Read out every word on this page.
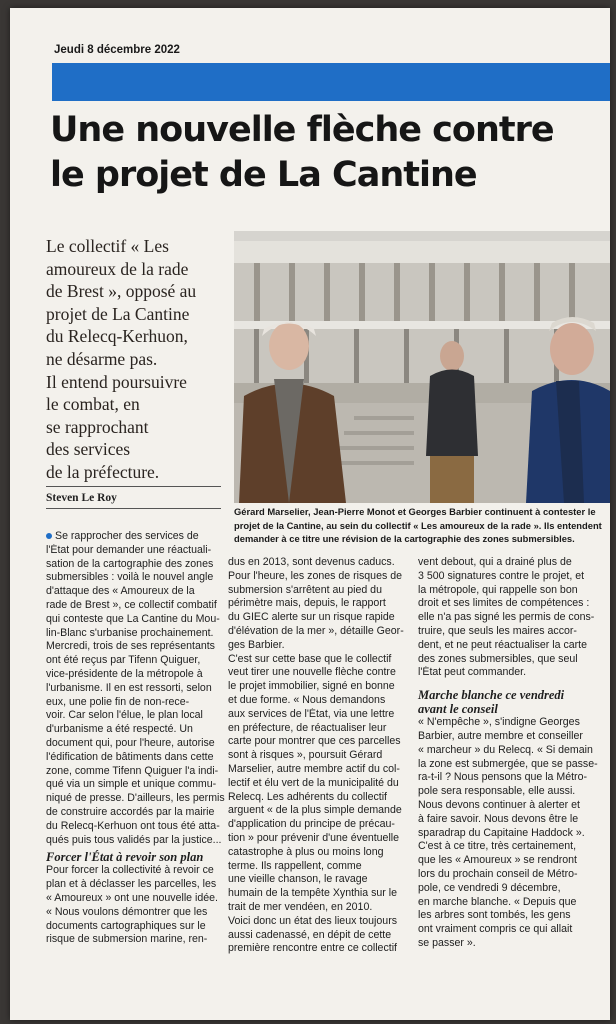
Jeudi 8 décembre 2022
Une nouvelle flèche contre
le projet de La Cantine
Le collectif « Les
amoureux de la rade
de Brest », opposé au
projet de La Cantine
du Relecq-Kerhuon,
ne désarme pas.
Il entend poursuivre
le combat, en
se rapprochant
des services
de la préfecture.
Steven Le Roy
Gérard Marselier, Jean-Pierre Monot et Georges Barbier continuent à contester le
projet de la Cantine, au sein du collectif « Les amoureux de la rade ». Ils entendent
demander à ce titre une révision de la cartographie des zones submersibles.
Se rapprocher des services de
l'État pour demander une réactuali-
sation de la cartographie des zones
submersibles : voilà le nouvel angle
d'attaque des « Amoureux de la
rade de Brest », ce collectif combatif
qui conteste que La Cantine du Mou-
lin-Blanc s'urbanise prochainement.
Mercredi, trois de ses représentants
ont été reçus par Tifenn Quiguer,
vice-présidente de la métropole à
l'urbanisme. Il en est ressorti, selon
eux, une polie fin de non-rece-
voir. Car selon l'élue, le plan local
d'urbanisme a été respecté. Un
document qui, pour l'heure, autorise
l'édification de bâtiments dans cette
zone, comme Tifenn Quiguer l'a indi-
qué via un simple et unique commu-
niqué de presse. D'ailleurs, les permis
de construire accordés par la mairie
du Relecq-Kerhuon ont tous été atta-
qués puis tous validés par la justice...
Forcer l'État à revoir son plan
Pour forcer la collectivité à revoir ce
plan et à déclasser les parcelles, les
« Amoureux » ont une nouvelle idée.
« Nous voulons démontrer que les
documents cartographiques sur le
risque de submersion marine, ren-
dus en 2013, sont devenus caducs.
Pour l'heure, les zones de risques de
submersion s'arrêtent au pied du
périmètre mais, depuis, le rapport
du GIEC alerte sur un risque rapide
d'élévation de la mer », détaille Geor-
ges Barbier.
C'est sur cette base que le collectif
veut tirer une nouvelle flèche contre
le projet immobilier, signé en bonne
et due forme. « Nous demandons
aux services de l'État, via une lettre
en préfecture, de réactualiser leur
carte pour montrer que ces parcelles
sont à risques », poursuit Gérard
Marselier, autre membre actif du col-
lectif et élu vert de la municipalité du
Relecq. Les adhérents du collectif
arguent « de la plus simple demande
d'application du principe de précau-
tion » pour prévenir d'une éventuelle
catastrophe à plus ou moins long
terme. Ils rappellent, comme
une vieille chanson, le ravage
humain de la tempête Xynthia sur le
trait de mer vendéen, en 2010.
Voici donc un état des lieux toujours
aussi cadenassé, en dépit de cette
première rencontre entre ce collectif
vent debout, qui a drainé plus de
3 500 signatures contre le projet, et
la métropole, qui rappelle son bon
droit et ses limites de compétences :
elle n'a pas signé les permis de cons-
truire, que seuls les maires accor-
dent, et ne peut réactualiser la carte
des zones submersibles, que seul
l'État peut commander.
Marche blanche ce vendredi
avant le conseil
« N'empêche », s'indigne Georges
Barbier, autre membre et conseiller
« marcheur » du Relecq. « Si demain
la zone est submergée, que se passe-
ra-t-il ? Nous pensons que la Métro-
pole sera responsable, elle aussi.
Nous devons continuer à alerter et
à faire savoir. Nous devons être le
sparadrap du Capitaine Haddock ».
C'est à ce titre, très certainement,
que les « Amoureux » se rendront
lors du prochain conseil de Métro-
pole, ce vendredi 9 décembre,
en marche blanche. « Depuis que
les arbres sont tombés, les gens
ont vraiment compris ce qui allait
se passer ».
